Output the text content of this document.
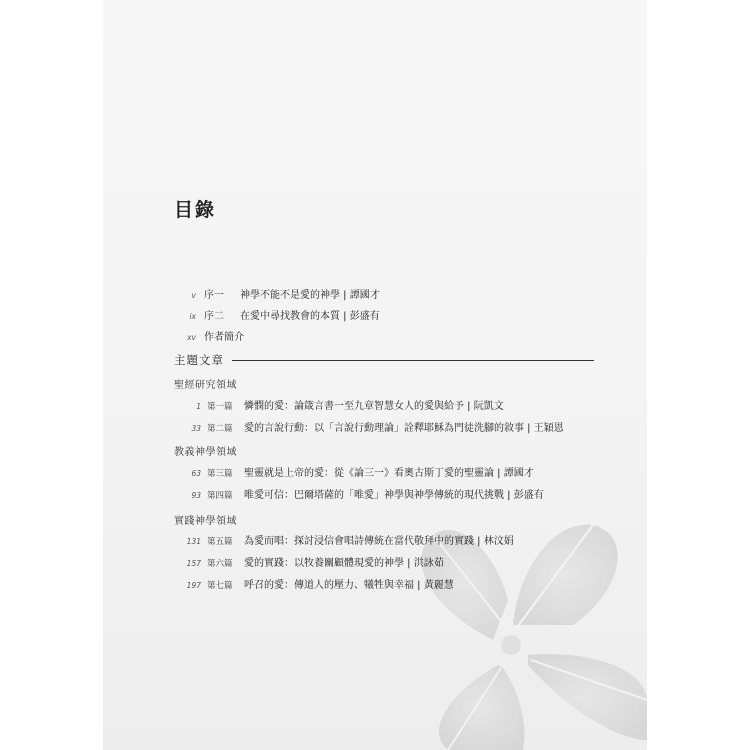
目錄
v 序一	神學不能不是愛的神學 | 譚國才
ix 序二	在愛中尋找教會的本質 | 彭盛有
xv 作者簡介
主題文章
聖經研究領域
1 第一篇	憐憫的愛：論箴言書一至九章智慧女人的愛與給予 | 阮凱文
33 第二篇	愛的言說行動：以「言說行動理論」詮釋耶穌為門徒洗腳的敘事 | 王穎恩
教義神學領域
63 第三篇	聖靈就是上帝的愛：從《論三一》看奧古斯丁愛的聖靈論 | 譚國才
93 第四篇	唯愛可信：巴爾塔薩的「唯愛」神學與神學傳統的現代挑戰 | 彭盛有
實踐神學領域
131 第五篇	為愛而唱：探討浸信會唱詩傳統在當代敬拜中的實踐 | 林汶娟
157 第六篇	愛的實踐：以牧養關顧體現愛的神學 | 洪詠茹
197 第七篇	呼召的愛：傳道人的壓力、犧牲與幸福 | 黃麗慧
